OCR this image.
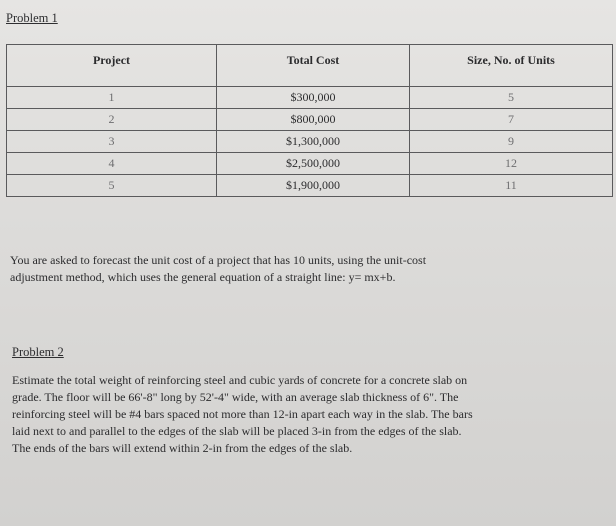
Problem 1
Project	Total Cost	Size, No. of Units
1	$300,000	5
2	$800,000	7
3	$1,300,000	9
4	$2,500,000	12
5	$1,900,000	11
You are asked to forecast the unit cost of a project that has 10 units, using the unit-cost
adjustment method, which uses the general equation of a straight line: y= mx+b.
Problem 2
Estimate the total weight of reinforcing steel and cubic yards of concrete for a concrete slab on
grade. The floor will be 66'-8" long by 52'-4" wide, with an average slab thickness of 6". The
reinforcing steel will be #4 bars spaced not more than 12-in apart each way in the slab. The bars
laid next to and parallel to the edges of the slab will be placed 3-in from the edges of the slab.
The ends of the bars will extend within 2-in from the edges of the slab.
